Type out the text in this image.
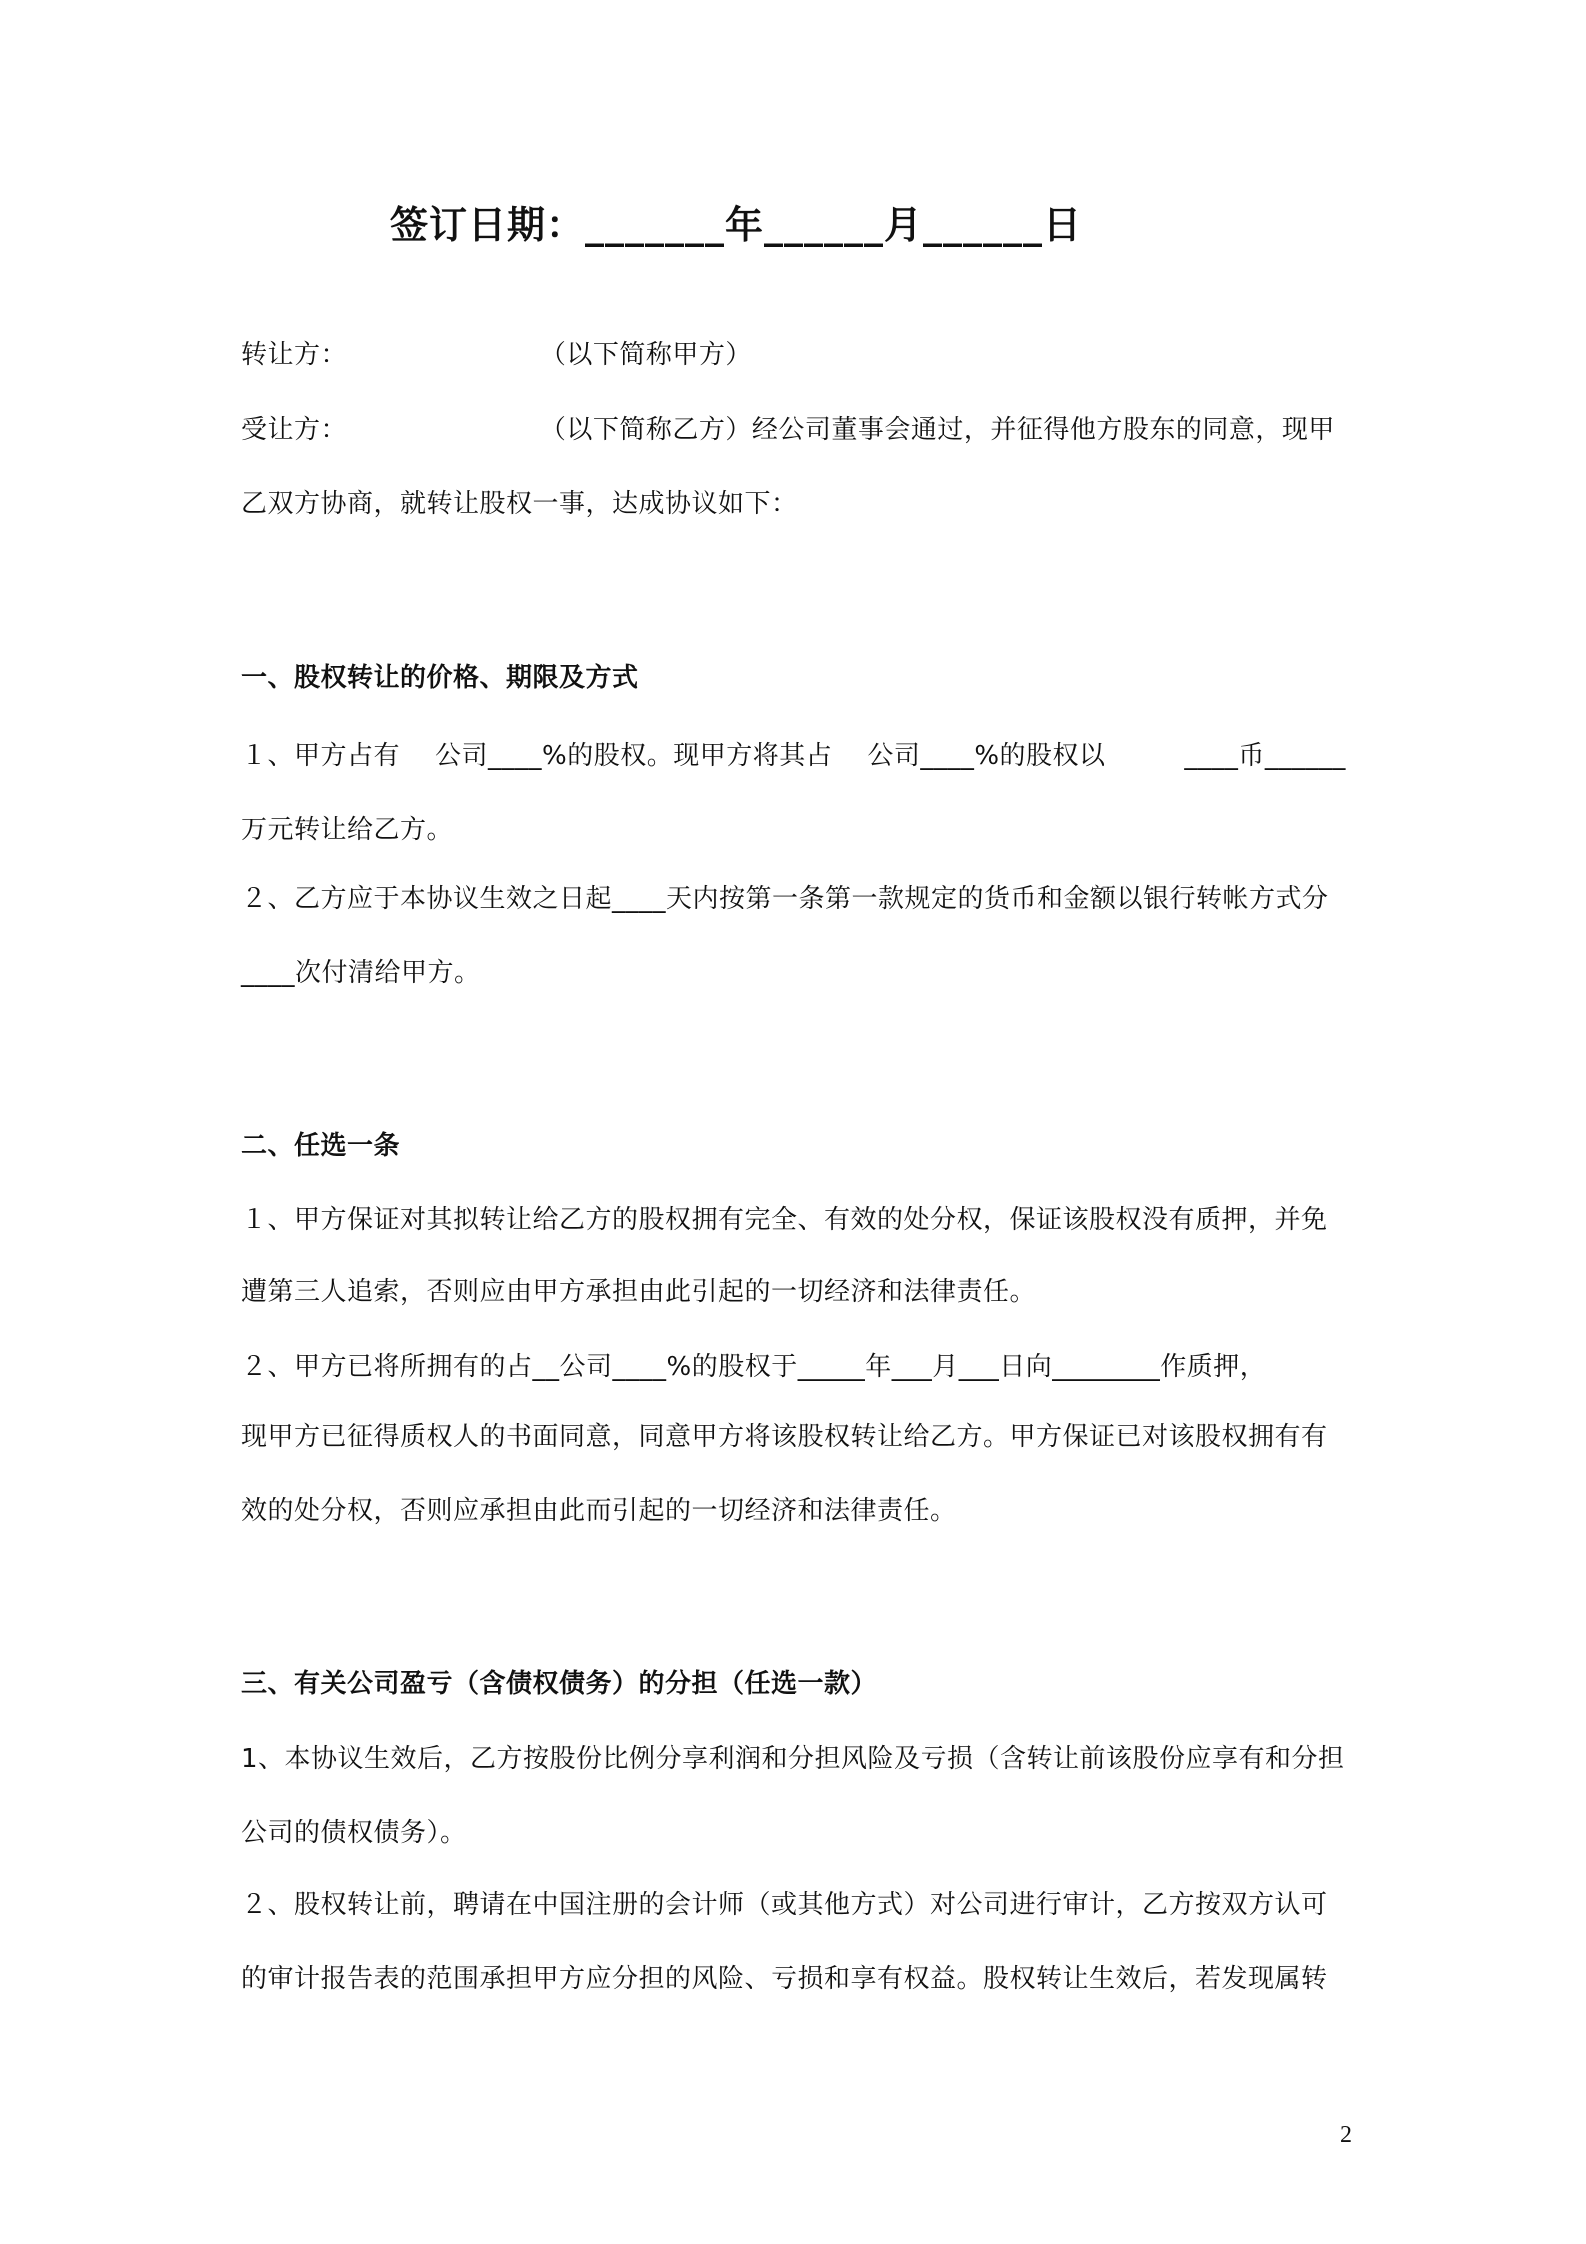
签订日期：_______年______月______日
转让方：                      （以下简称甲方）
受让方：                      （以下简称乙方）经公司董事会通过，并征得他方股东的同意，现甲
乙双方协商，就转让股权一事，达成协议如下：
一、股权转让的价格、期限及方式
１、甲方占有    公司____%的股权。现甲方将其占    公司____%的股权以         ____币______
万元转让给乙方。
２、乙方应于本协议生效之日起____天内按第一条第一款规定的货币和金额以银行转帐方式分
____次付清给甲方。
二、任选一条
１、甲方保证对其拟转让给乙方的股权拥有完全、有效的处分权，保证该股权没有质押，并免
遭第三人追索，否则应由甲方承担由此引起的一切经济和法律责任。
２、甲方已将所拥有的占__公司____%的股权于_____年___月___日向________作质押，
现甲方已征得质权人的书面同意，同意甲方将该股权转让给乙方。甲方保证已对该股权拥有有
效的处分权，否则应承担由此而引起的一切经济和法律责任。
三、有关公司盈亏（含债权债务）的分担（任选一款）
1、本协议生效后，乙方按股份比例分享利润和分担风险及亏损（含转让前该股份应享有和分担
公司的债权债务）。
２、股权转让前，聘请在中国注册的会计师（或其他方式）对公司进行审计，乙方按双方认可
的审计报告表的范围承担甲方应分担的风险、亏损和享有权益。股权转让生效后，若发现属转
2
